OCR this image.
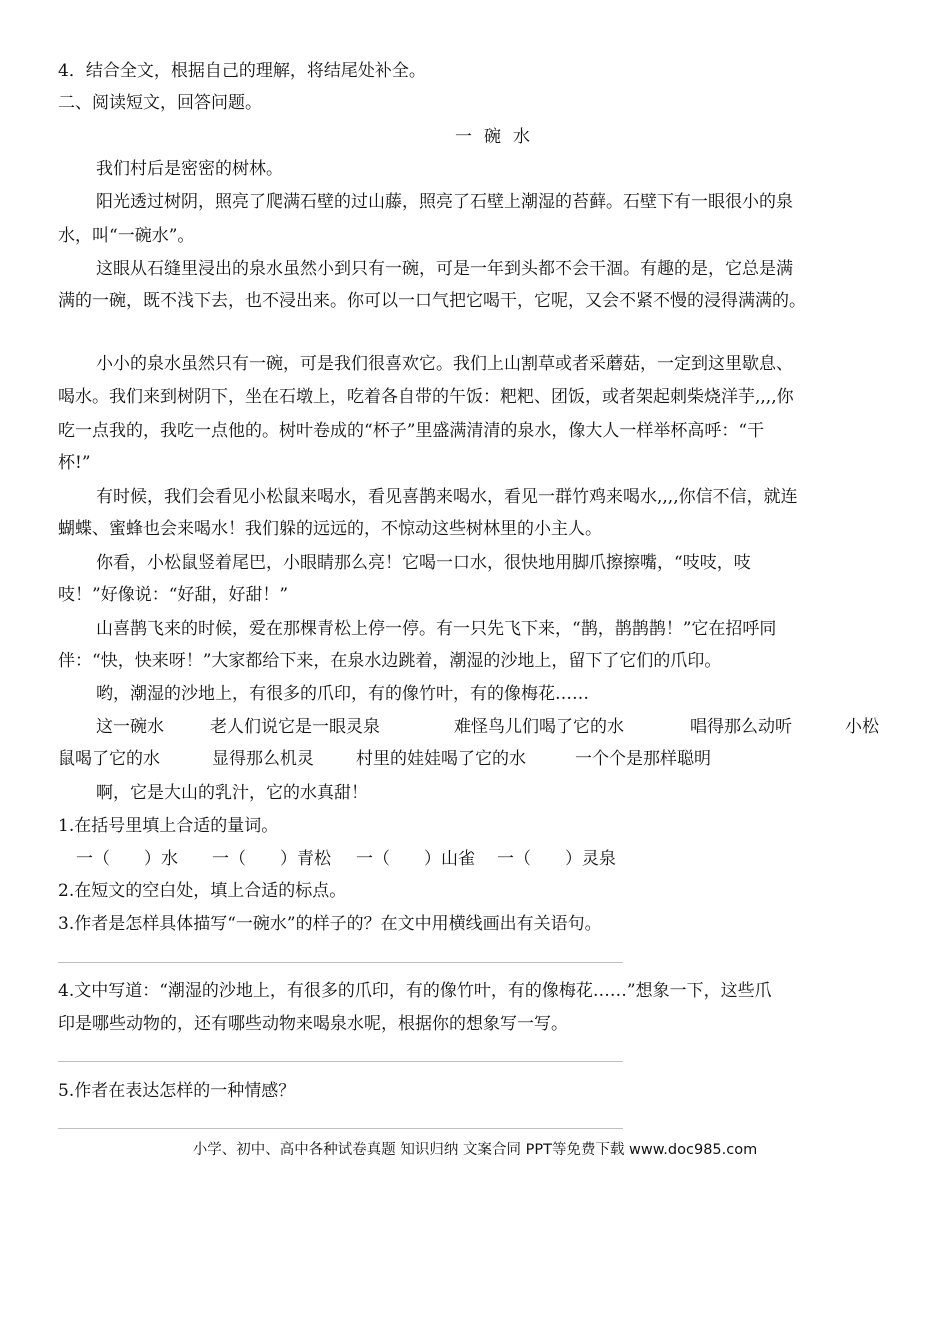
4．结合全文，根据自己的理解，将结尾处补全。
二、阅读短文，回答问题。
一碗水
我们村后是密密的树林。
阳光透过树阴，照亮了爬满石壁的过山藤，照亮了石壁上潮湿的苔藓。石壁下有一眼很小的泉
水，叫“一碗水”。
这眼从石缝里浸出的泉水虽然小到只有一碗，可是一年到头都不会干涸。有趣的是，它总是满
满的一碗，既不浅下去，也不浸出来。你可以一口气把它喝干，它呢，又会不紧不慢的浸得满满的。
小小的泉水虽然只有一碗，可是我们很喜欢它。我们上山割草或者采蘑菇，一定到这里歇息、
喝水。我们来到树阴下，坐在石墩上，吃着各自带的午饭：粑粑、团饭，或者架起刺柴烧洋芋,,,,你
吃一点我的，我吃一点他的。树叶卷成的“杯子”里盛满清清的泉水，像大人一样举杯高呼：“干
杯!”
有时候，我们会看见小松鼠来喝水，看见喜鹊来喝水，看见一群竹鸡来喝水,,,,你信不信，就连
蝴蝶、蜜蜂也会来喝水！我们躲的远远的，不惊动这些树林里的小主人。
你看，小松鼠竖着尾巴，小眼睛那么亮！它喝一口水，很快地用脚爪擦擦嘴，“吱吱，吱
吱！”好像说：“好甜，好甜！”
山喜鹊飞来的时候，爱在那棵青松上停一停。有一只先飞下来，“鹊，鹊鹊鹊！”它在招呼同
伴：“快，快来呀！”大家都给下来，在泉水边跳着，潮湿的沙地上，留下了它们的爪印。
哟，潮湿的沙地上，有很多的爪印，有的像竹叶，有的像梅花……
这一碗水	老人们说它是一眼灵泉	难怪鸟儿们喝了它的水	唱得那么动听	小松
鼠喝了它的水	显得那么机灵 村里的娃娃喝了它的水	一个个是那样聪明
啊，它是大山的乳汁，它的水真甜！
1.在括号里填上合适的量词。
一（　　）水 一（　　）青松 一（　　）山雀 一（　　）灵泉
2.在短文的空白处，填上合适的标点。
3.作者是怎样具体描写“一碗水”的样子的？在文中用横线画出有关语句。
4.文中写道：“潮湿的沙地上，有很多的爪印，有的像竹叶，有的像梅花……”想象一下，这些爪
印是哪些动物的，还有哪些动物来喝泉水呢，根据你的想象写一写。
5.作者在表达怎样的一种情感？
小学、初中、高中各种试卷真题 知识归纳 文案合同 PPT等免费下载 www.doc985.com
